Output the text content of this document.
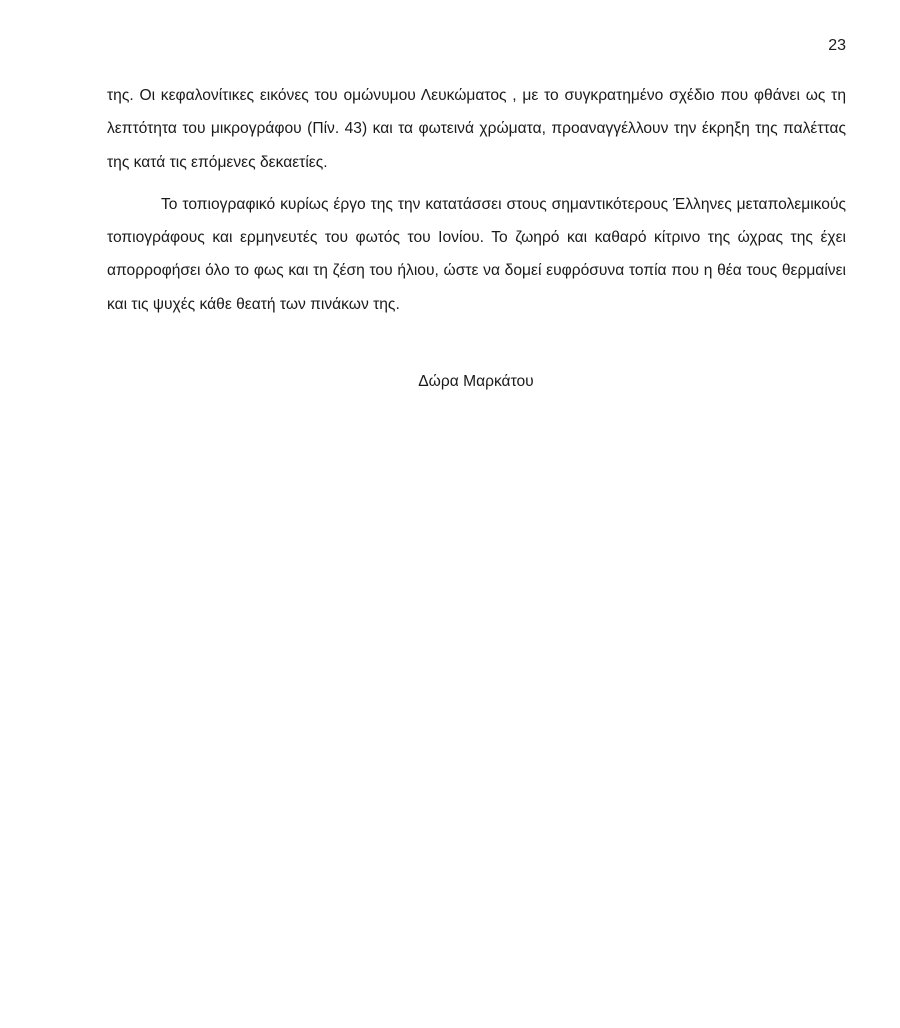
23

της. Οι κεφαλονίτικες εικόνες του ομώνυμου Λευκώματος , με το συγκρατημένο σχέδιο που φθάνει ως τη λεπτότητα του μικρογράφου (Πίν. 43) και τα φωτεινά χρώματα, προαναγγέλλουν την έκρηξη της παλέττας της κατά τις επόμενες δεκαετίες.

Το τοπιογραφικό κυρίως έργο της την κατατάσσει στους σημαντικότερους Έλληνες μεταπολεμικούς τοπιογράφους και ερμηνευτές του φωτός του Ιονίου. Το ζωηρό και καθαρό κίτρινο της ώχρας της έχει απορροφήσει όλο το φως και τη ζέση του ήλιου, ώστε να δομεί ευφρόσυνα τοπία που η θέα τους θερμαίνει και τις ψυχές κάθε θεατή των πινάκων της.

Δώρα Μαρκάτου
